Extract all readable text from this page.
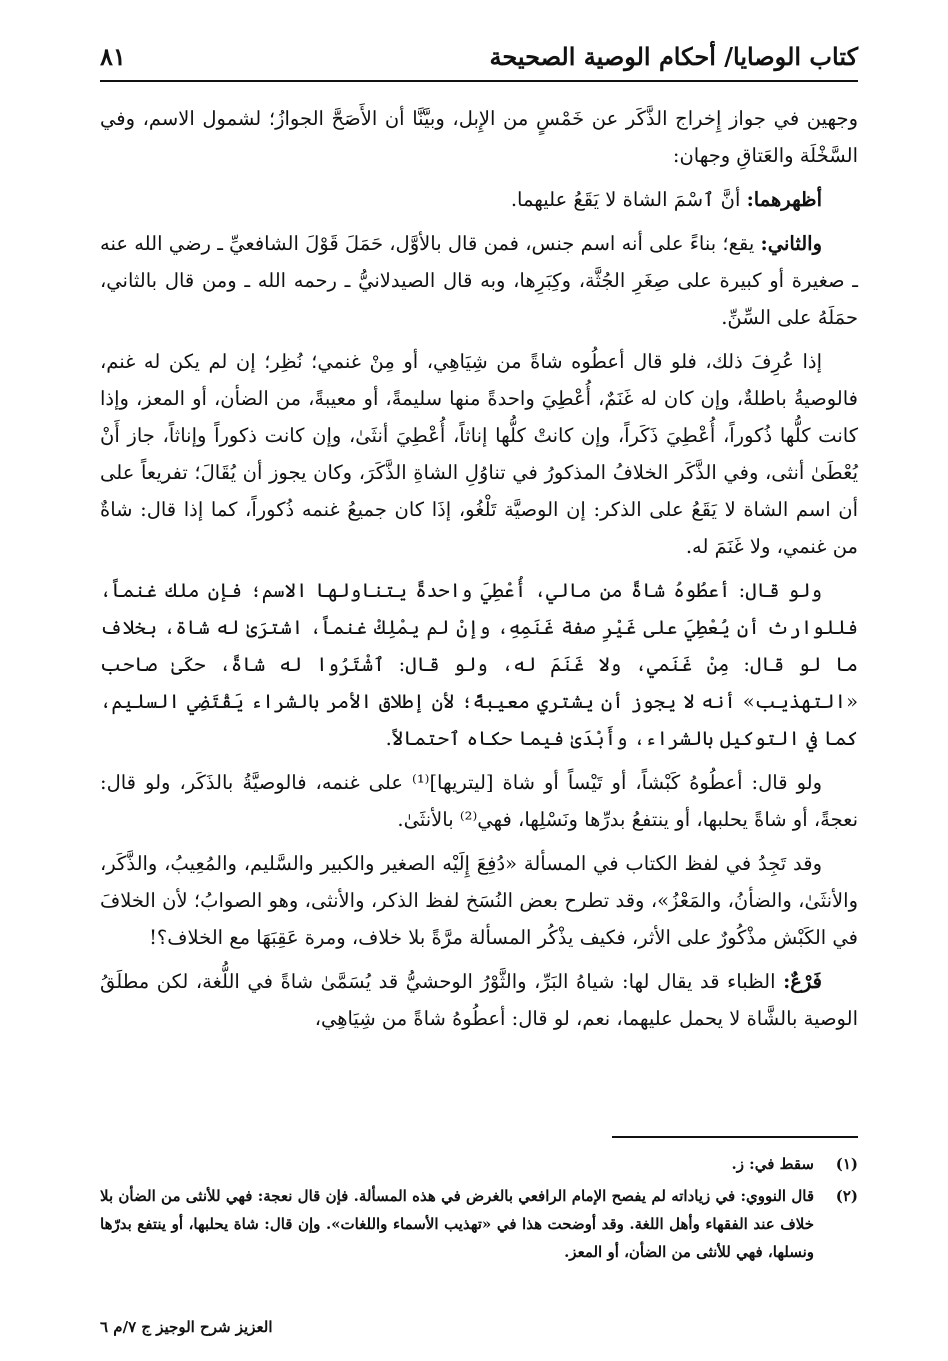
كتاب الوصايا/ أحكام الوصية الصحيحة
٨١

وجهين في جواز إِخراج الذَّكَر عن خَمْسٍ من الإِبل، وبيَّنَّا أن الأَصَحَّ الجوازُ؛ لشمول الاسم، وفي السَّخْلَة والعَتاقِ وجهان:

أظهرهما: أنَّ ٱسْمَ الشاة لا يَقَعُ عليهما.

والثاني: يقع؛ بناءً على أنه اسم جنس، فمن قال بالأوَّل، حَمَلَ قَوْلَ الشافعيِّ ـ رضي الله عنه ـ صغيرة أو كبيرة على صِغَرِ الجُثَّة، وكِبَرِها، وبه قال الصيدلانيُّ ـ رحمه الله ـ ومن قال بالثاني، حمَلَهُ على السِّنِّ.

إذا عُرِفَ ذلك، فلو قال أعطُوه شاةً من شِيَاهِي، أو مِنْ غنمي؛ نُظِر؛ إن لم يكن له غنم، فالوصيةُ باطلةٌ، وإن كان له غَنَمٌ، أُعْطِيَ واحدةً منها سليمةً، أو معيبةً، من الضأن، أو المعز، وإذا كانت كلُّها ذُكوراً، أُعْطِيَ ذَكَراً، وإن كانتْ كلُّها إناثاً، أُعْطِيَ أنثَىٰ، وإن كانت ذكوراً وإناثاً، جاز أَنْ يُعْطَىٰ أنثى، وفي الذَّكَر الخلافُ المذكورُ في تناوُلِ الشاةِ الذَّكَرَ، وكان يجوز أن يُقَالَ؛ تفريعاً على أن اسم الشاة لا يَقَعُ على الذكر: إن الوصيَّة تَلْغُو، إذَا كان جميعُ غنمه ذُكوراً، كما إذا قال: شاةٌ من غنمي، ولا غَنَمَ له.

ولو قال: أعطُوهُ شاةً من مالي، أُعْطِيَ واحدةً يتناولها الاسم؛ فإن ملك غنماً، فللوارث أن يُعْطِيَ على غَيْرِ صفة غَنَمِهِ، وإنْ لم يمْلِكْ غنماً، اشترَىٰ له شاة، بخلاف ما لو قال: مِنْ غَنَمي، ولا غَنَمَ له، ولو قال: ٱشْتَرُوا له شاةً، حكَىٰ صاحب «التهذيب» أنه لا يجوز أن يشتري معيبةً؛ لأن إطلاق الأمر بالشراء يَقْتَضِي السليم، كما في التوكيل بالشراء، وأَبْدَىٰ فيما حكاه ٱحتمالاً.

ولو قال: أعطُوهُ كَبْشاً، أو تَيْساً أو شاة [ليتريها]⁽¹⁾ على غنمه، فالوصيَّةُ بالذَكَر، ولو قال: نعجةً، أو شاةً يحلبها، أو ينتفعُ بدرِّها ونَسْلِها، فهي⁽²⁾ بالأنثَىٰ.

وقد تَجِدُ في لفظ الكتاب في المسألة «دُفِعَ إِلَيْه الصغير والكبير والسَّليم، والمُعِيبُ، والذَّكَر، والأنثَىٰ، والضأنُ، والمَعْزُ»، وقد تطرح بعض النُسَخ لفظ الذكر، والأنثى، وهو الصوابُ؛ لأن الخلافَ في الكَبْش مذْكُورٌ على الأثر، فكيف يذْكُر المسألة مرَّةً بلا خلاف، ومرة عَقِبَهَا مع الخلاف؟!

فَرْعٌ: الظباء قد يقال لها: شياهُ البَرِّ، والثَّوْرُ الوحشيُّ قد يُسَمَّىٰ شاةً في اللُّغة، لكن مطلَقُ الوصية بالشَّاة لا يحمل عليهما، نعم، لو قال: أعطُوهُ شاةً من شِيَاهِي،

(١)
سقط في: ز.
(٢)
قال النووي: في زياداته لم يفصح الإمام الرافعي بالغرض في هذه المسألة. فإن قال نعجة: فهي للأنثى من الضأن بلا خلاف عند الفقهاء وأهل اللغة. وقد أوضحت هذا في «تهذيب الأسماء واللغات». وإن قال: شاة يحلبها، أو ينتفع بدرّها ونسلها، فهي للأنثى من الضأن، أو المعز.
العزيز شرح الوجيز ج ٧/م ٦
